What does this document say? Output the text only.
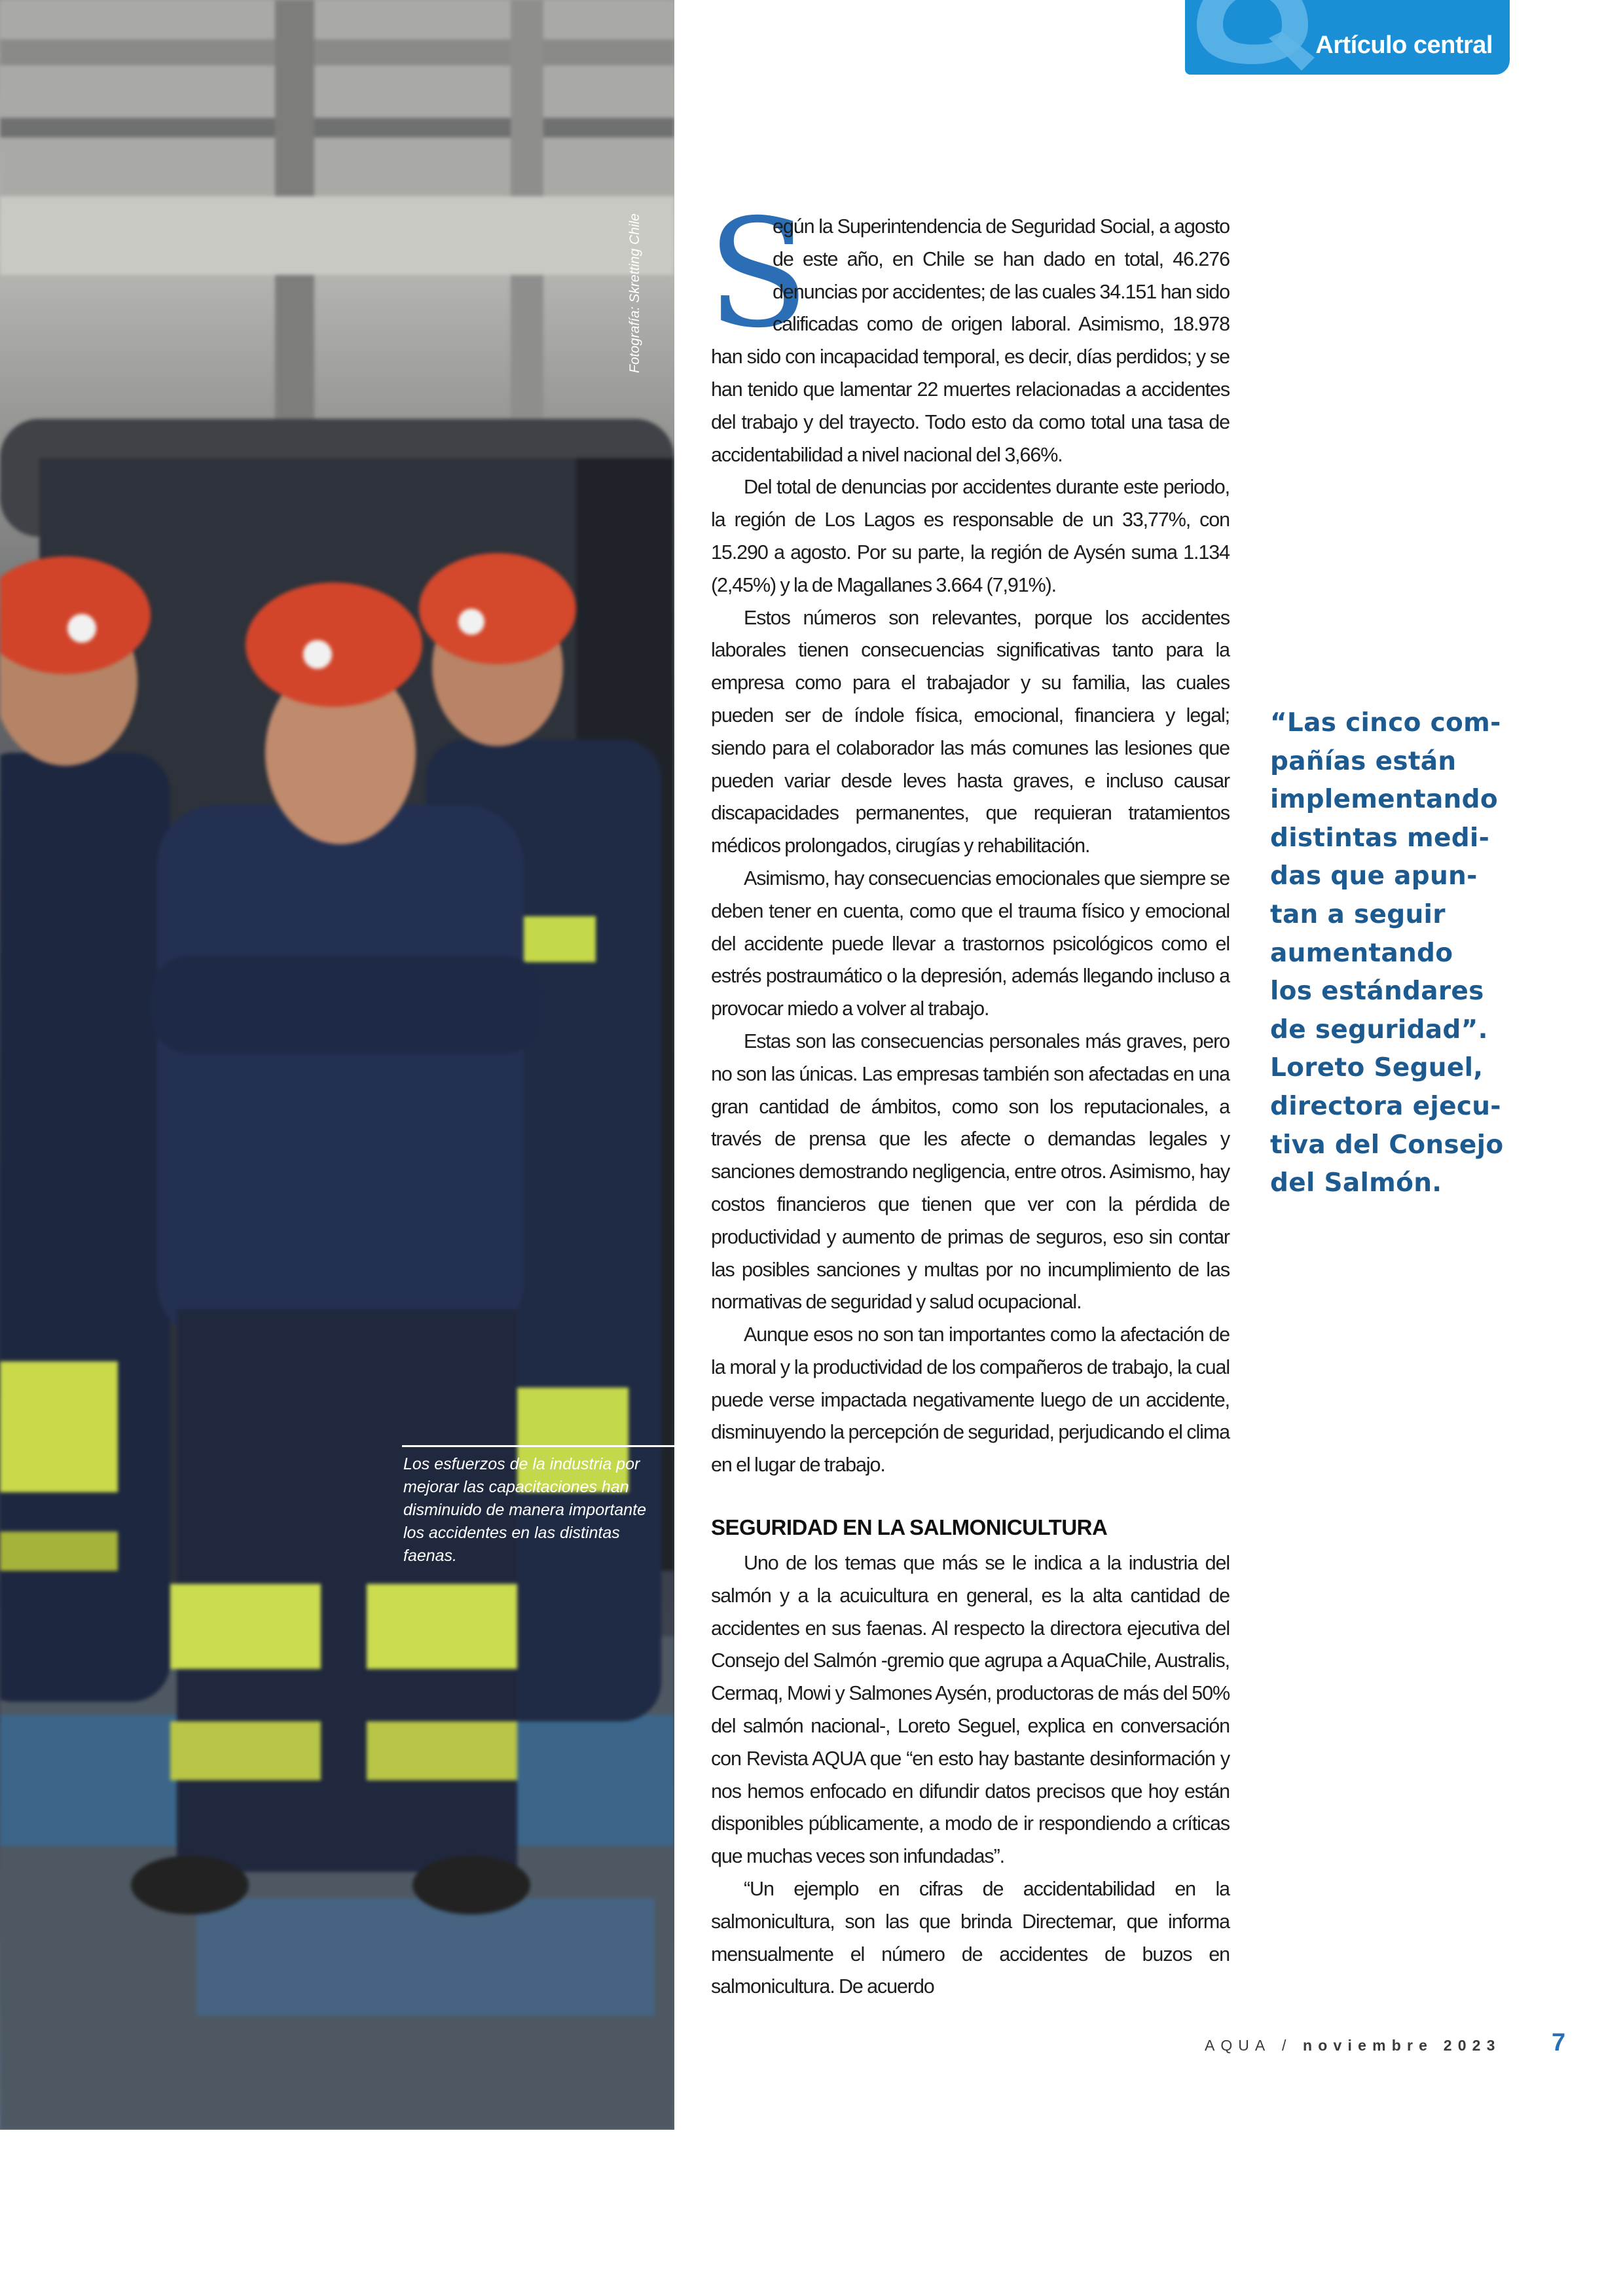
Fotografía: Skretting Chile
Los esfuerzos de la industria por mejorar las capacitaciones han disminuido de manera importante los accidentes en las distintas faenas.
Artículo central

S
egún la Superintendencia de Seguridad Social, a agosto de este año, en Chile se han dado en total, 46.276 denuncias por accidentes; de las cuales 34.151 han sido calificadas como de origen laboral. Asimismo, 18.978 han sido con incapacidad temporal, es decir, días perdidos; y se han tenido que lamentar 22 muertes relacionadas a accidentes del trabajo y del trayecto. Todo esto da como total una tasa de accidentabilidad a nivel nacional del 3,66%.

Del total de denuncias por accidentes durante este periodo, la región de Los Lagos es responsable de un 33,77%, con 15.290 a agosto. Por su parte, la región de Aysén suma 1.134 (2,45%) y la de Magallanes 3.664 (7,91%).

Estos números son relevantes, porque los accidentes laborales tienen consecuencias significativas tanto para la empresa como para el trabajador y su familia, las cuales pueden ser de índole física, emocional, financiera y legal; siendo para el colaborador las más comunes las lesiones que pueden variar desde leves hasta graves, e incluso causar discapacidades permanentes, que requieran tratamientos médicos prolongados, cirugías y rehabilitación.

Asimismo, hay consecuencias emocionales que siempre se deben tener en cuenta, como que el trauma físico y emocional del accidente puede llevar a trastornos psicológicos como el estrés postraumático o la depresión, además llegando incluso a provocar miedo a volver al trabajo.

Estas son las consecuencias personales más graves, pero no son las únicas. Las empresas también son afectadas en una gran cantidad de ámbitos, como son los reputacionales, a través de prensa que les afecte o demandas legales y sanciones demostrando negligencia, entre otros. Asimismo, hay costos financieros que tienen que ver con la pérdida de productividad y aumento de primas de seguros, eso sin contar las posibles sanciones y multas por no incumplimiento de las normativas de seguridad y salud ocupacional.

Aunque esos no son tan importantes como la afectación de la moral y la productividad de los compañeros de trabajo, la cual puede verse impactada negativamente luego de un accidente, disminuyendo la percepción de seguridad, perjudicando el clima en el lugar de trabajo.

SEGURIDAD EN LA SALMONICULTURA

Uno de los temas que más se le indica a la industria del salmón y a la acuicultura en general, es la alta cantidad de accidentes en sus faenas. Al respecto la directora ejecutiva del Consejo del Salmón -gremio que agrupa a AquaChile, Australis, Cermaq, Mowi y Salmones Aysén, productoras de más del 50% del salmón nacional-, Loreto Seguel, explica en conversación con Revista AQUA que “en esto hay bastante desinformación y nos hemos enfocado en difundir datos precisos que hoy están disponibles públicamente, a modo de ir respondiendo a críticas que muchas veces son infundadas”.

“Un ejemplo en cifras de accidentabilidad en la salmonicultura, son las que brinda Directemar, que informa mensualmente el número de accidentes de buzos en salmonicultura. De acuerdo

“Las cinco com-
pañías están
implementando
distintas medi-
das que apun-
tan a seguir
aumentando
los estándares
de seguridad”.
Loreto Seguel,
directora ejecu-
tiva del Consejo
del Salmón.
AQUA / noviembre 2023 7
